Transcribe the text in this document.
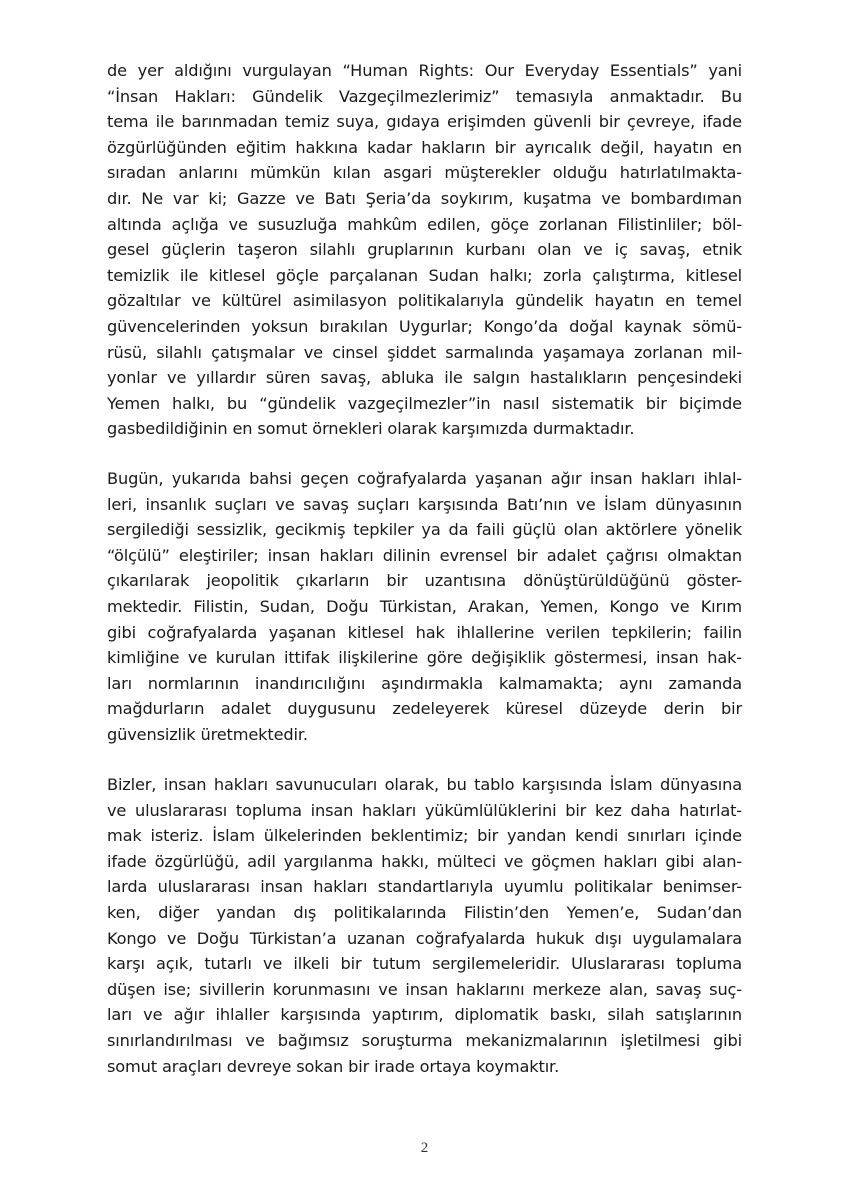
de yer aldığını vurgulayan “Human Rights: Our Everyday Essentials” yani
“İnsan Hakları: Gündelik Vazgeçilmezlerimiz” temasıyla anmaktadır. Bu
tema ile barınmadan temiz suya, gıdaya erişimden güvenli bir çevreye, ifade
özgürlüğünden eğitim hakkına kadar hakların bir ayrıcalık değil, hayatın en
sıradan anlarını mümkün kılan asgari müşterekler olduğu hatırlatılmakta-
dır. Ne var ki; Gazze ve Batı Şeria’da soykırım, kuşatma ve bombardıman
altında açlığa ve susuzluğa mahkûm edilen, göçe zorlanan Filistinliler; böl-
gesel güçlerin taşeron silahlı gruplarının kurbanı olan ve iç savaş, etnik
temizlik ile kitlesel göçle parçalanan Sudan halkı; zorla çalıştırma, kitlesel
gözaltılar ve kültürel asimilasyon politikalarıyla gündelik hayatın en temel
güvencelerinden yoksun bırakılan Uygurlar; Kongo’da doğal kaynak sömü-
rüsü, silahlı çatışmalar ve cinsel şiddet sarmalında yaşamaya zorlanan mil-
yonlar ve yıllardır süren savaş, abluka ile salgın hastalıkların pençesindeki
Yemen halkı, bu “gündelik vazgeçilmezler”in nasıl sistematik bir biçimde
gasbedildiğinin en somut örnekleri olarak karşımızda durmaktadır.
Bugün, yukarıda bahsi geçen coğrafyalarda yaşanan ağır insan hakları ihlal-
leri, insanlık suçları ve savaş suçları karşısında Batı’nın ve İslam dünyasının
sergilediği sessizlik, gecikmiş tepkiler ya da faili güçlü olan aktörlere yönelik
“ölçülü” eleştiriler; insan hakları dilinin evrensel bir adalet çağrısı olmaktan
çıkarılarak jeopolitik çıkarların bir uzantısına dönüştürüldüğünü göster-
mektedir. Filistin, Sudan, Doğu Türkistan, Arakan, Yemen, Kongo ve Kırım
gibi coğrafyalarda yaşanan kitlesel hak ihlallerine verilen tepkilerin; failin
kimliğine ve kurulan ittifak ilişkilerine göre değişiklik göstermesi, insan hak-
ları normlarının inandırıcılığını aşındırmakla kalmamakta; aynı zamanda
mağdurların adalet duygusunu zedeleyerek küresel düzeyde derin bir
güvensizlik üretmektedir.
Bizler, insan hakları savunucuları olarak, bu tablo karşısında İslam dünyasına
ve uluslararası topluma insan hakları yükümlülüklerini bir kez daha hatırlat-
mak isteriz. İslam ülkelerinden beklentimiz; bir yandan kendi sınırları içinde
ifade özgürlüğü, adil yargılanma hakkı, mülteci ve göçmen hakları gibi alan-
larda uluslararası insan hakları standartlarıyla uyumlu politikalar benimser-
ken, diğer yandan dış politikalarında Filistin’den Yemen’e, Sudan’dan
Kongo ve Doğu Türkistan’a uzanan coğrafyalarda hukuk dışı uygulamalara
karşı açık, tutarlı ve ilkeli bir tutum sergilemeleridir. Uluslararası topluma
düşen ise; sivillerin korunmasını ve insan haklarını merkeze alan, savaş suç-
ları ve ağır ihlaller karşısında yaptırım, diplomatik baskı, silah satışlarının
sınırlandırılması ve bağımsız soruşturma mekanizmalarının işletilmesi gibi
somut araçları devreye sokan bir irade ortaya koymaktır.
2
